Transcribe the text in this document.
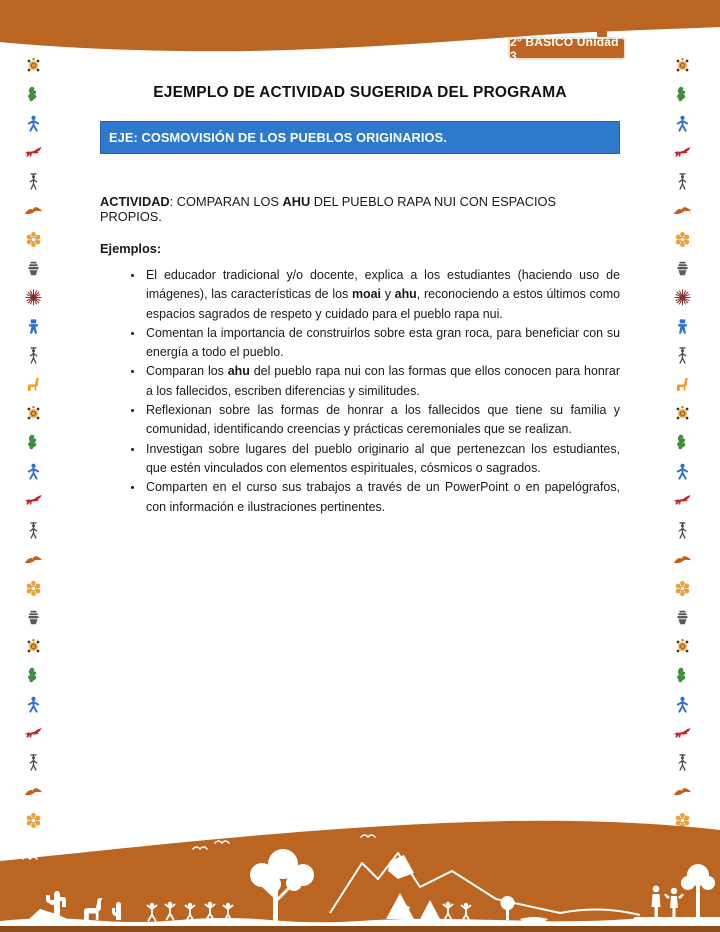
2° BÁSICO Unidad 3
EJEMPLO DE ACTIVIDAD SUGERIDA DEL PROGRAMA
EJE: COSMOVISIÓN DE LOS PUEBLOS ORIGINARIOS.

ACTIVIDAD: COMPARAN LOS AHU DEL PUEBLO RAPA NUI CON ESPACIOS PROPIOS.

Ejemplos:

• El educador tradicional y/o docente, explica a los estudiantes (haciendo uso de imágenes), las características de los moai y ahu, reconociendo a estos últimos como espacios sagrados de respeto y cuidado para el pueblo rapa nui.
• Comentan la importancia de construirlos sobre esta gran roca, para beneficiar con su energía a todo el pueblo.
• Comparan los ahu del pueblo rapa nui con las formas que ellos conocen para honrar a los fallecidos, escriben diferencias y similitudes.
• Reflexionan sobre las formas de honrar a los fallecidos que tiene su familia y comunidad, identificando creencias y prácticas ceremoniales que se realizan.
• Investigan sobre lugares del pueblo originario al que pertenezcan los estudiantes, que estén vinculados con elementos espirituales, cósmicos o sagrados.
• Comparten en el curso sus trabajos a través de un PowerPoint o en papelógrafos, con información e ilustraciones pertinentes.
